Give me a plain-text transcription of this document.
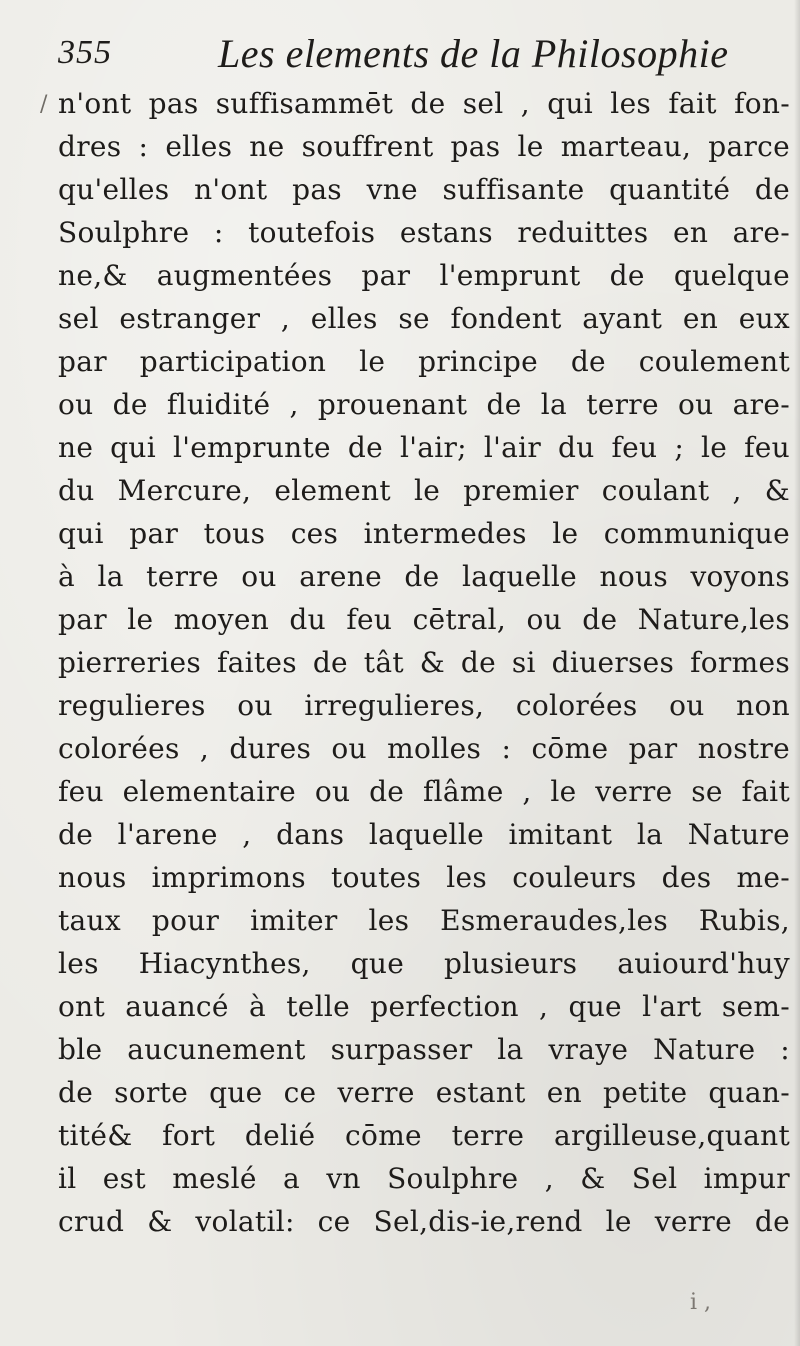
355	Les elements de la Philosophie
/ n'ont pas suffisammēt de sel , qui les fait fon-
dres : elles ne souffrent pas le marteau, parce
qu'elles n'ont pas vne suffisante quantité de
Soulphre : toutefois estans reduittes en are-
ne,& augmentées par l'emprunt de quelque
sel estranger , elles se fondent ayant en eux
par participation le principe de coulement
ou de fluidité , prouenant de la terre ou are-
ne qui l'emprunte de l'air; l'air du feu ; le feu
du Mercure, element le premier coulant , &
qui par tous ces intermedes le communique
à la terre ou arene de laquelle nous voyons
par le moyen du feu cētral, ou de Nature,les
pierreries faites de tât & de si diuerses formes
regulieres ou irregulieres, colorées ou non
colorées , dures ou molles : cōme par nostre
feu elementaire ou de flâme , le verre se fait
de l'arene , dans laquelle imitant la Nature
nous imprimons toutes les couleurs des me-
taux pour imiter les Esmeraudes,les Rubis,
les Hiacynthes, que plusieurs auiourd'huy
ont auancé à telle perfection , que l'art sem-
ble aucunement surpasser la vraye Nature :
de sorte que ce verre estant en petite quan-
tité& fort delié cōme terre argilleuse,quant
il est meslé a vn Soulphre , & Sel impur
crud & volatil: ce Sel,dis-ie,rend le verre de
i ,
